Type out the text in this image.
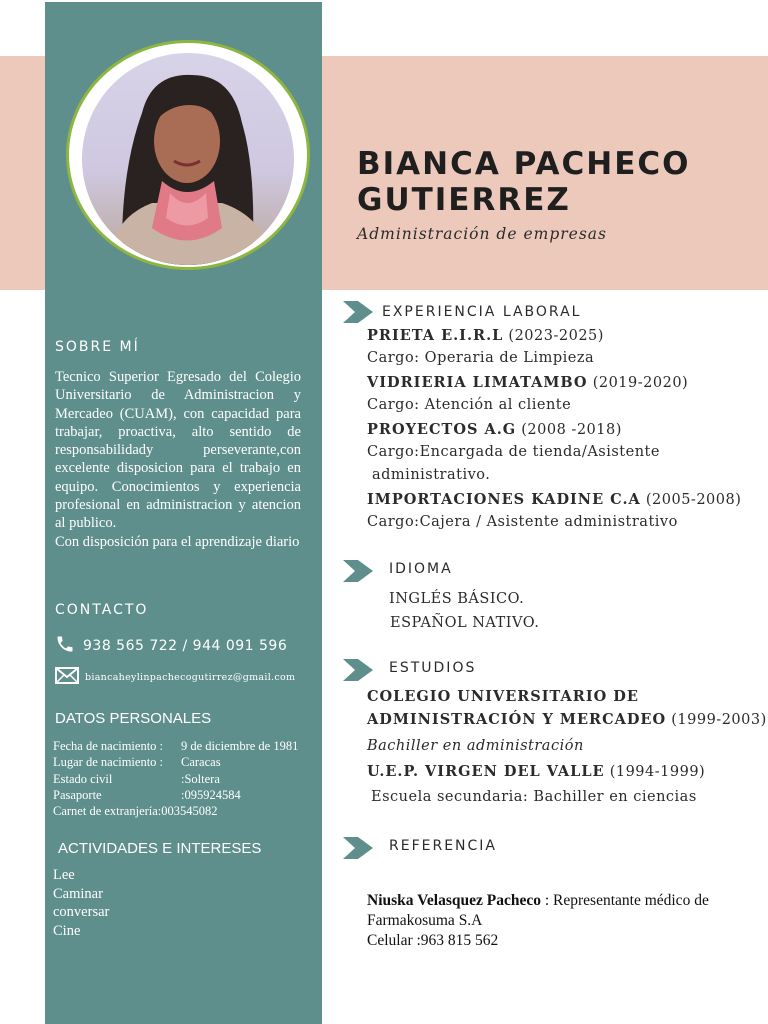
SOBRE MÍ
Tecnico Superior Egresado del Colegio Universitario de Administracion y Mercadeo (CUAM), con capacidad para trabajar, proactiva, alto sentido de responsabilidady perseverante,con excelente disposicion para el trabajo en equipo. Conocimientos y experiencia profesional en administracion y atencion al publico.
Con disposición para el aprendizaje diario
CONTACTO
938 565 722 / 944 091 596
biancaheylinpachecogutirrez@gmail.com
DATOS PERSONALES
Fecha de nacimiento :	9 de diciembre de 1981
Lugar de nacimiento :	Caracas
Estado civil	:Soltera
Pasaporte	:095924584
Carnet de extranjería: 003545082
ACTIVIDADES E INTERESES
Lee
Caminar
conversar
Cine
BIANCA PACHECO
GUTIERREZ

Administración de empresas

EXPERIENCIA LABORAL

PRIETA E.I.R.L (2023-2025)

Cargo: Operaria de Limpieza

VIDRIERIA LIMATAMBO (2019-2020)

Cargo: Atención al cliente

PROYECTOS A.G (2008 -2018)

Cargo:Encargada de tienda/Asistente

administrativo.

IMPORTACIONES KADINE C.A (2005-2008)

Cargo:Cajera / Asistente administrativo

IDIOMA

INGLÉS BÁSICO.

ESPAÑOL NATIVO.

ESTUDIOS

COLEGIO UNIVERSITARIO DE

ADMINISTRACIÓN Y MERCADEO (1999-2003)

Bachiller en administración

U.E.P. VIRGEN DEL VALLE (1994-1999)

Escuela secundaria: Bachiller en ciencias

REFERENCIA
Niuska Velasquez Pacheco : Representante médico de Farmakosuma S.A
Celular :963 815 562
